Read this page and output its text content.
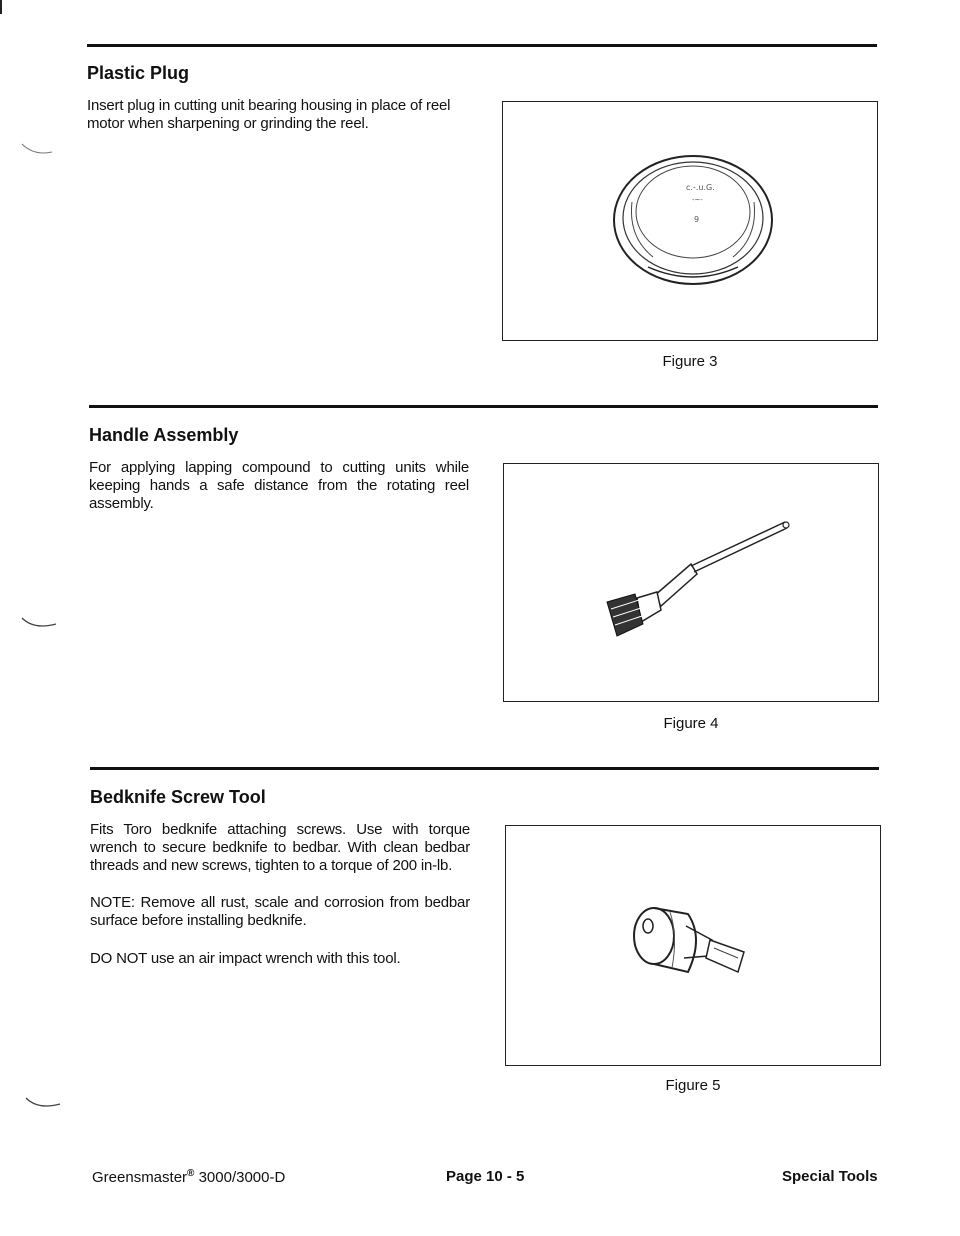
Plastic Plug

Insert plug in cutting unit bearing housing in place of reel motor when sharpening or grinding the reel.

c.-.u.G.
-~-
9
Figure 3
Handle Assembly

For applying lapping compound to cutting units while keeping hands a safe distance from the rotating reel assembly.

Figure 4
Bedknife Screw Tool

Fits Toro bedknife attaching screws. Use with torque wrench to secure bedknife to bedbar. With clean bedbar threads and new screws, tighten to a torque of 200 in-lb.

NOTE: Remove all rust, scale and corrosion from bedbar surface before installing bedknife.

DO NOT use an air impact wrench with this tool.

Figure 5
Greensmaster® 3000/3000-D	Page 10 - 5	Special Tools
